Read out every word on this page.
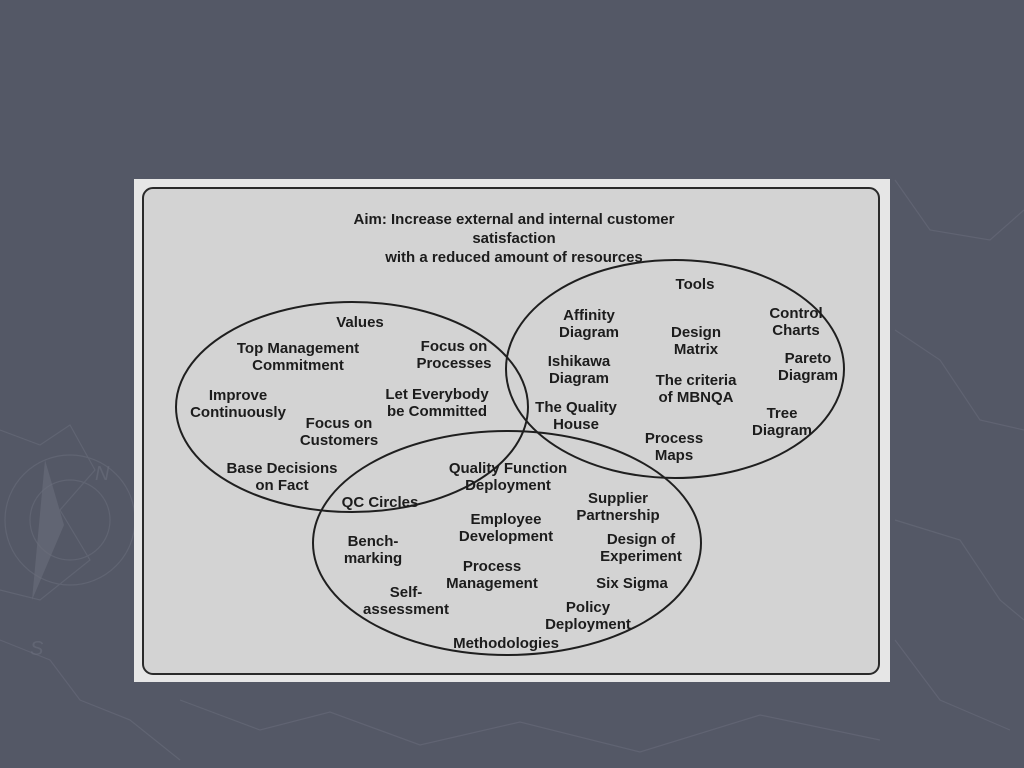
N
S
Aim: Increase external and internal customer satisfaction
with a reduced amount of resources
Values
Top Management
Commitment
Focus on
Processes
Improve
Continuously
Let Everybody
be Committed
Focus on
Customers
Base Decisions
on Fact
Tools
Affinity
Diagram
Control
Charts
Design
Matrix
Pareto
Diagram
Ishikawa
Diagram	The criteria
of MBNQA
The Quality
House
Tree
Diagram
Process
Maps
Quality Function
Deployment
QC Circles	Supplier
Partnership
Employee
Development
Bench-
marking
Design of
Experiment
Process
Management	Six Sigma
Self-
assessment	Policy
Deployment
Methodologies
